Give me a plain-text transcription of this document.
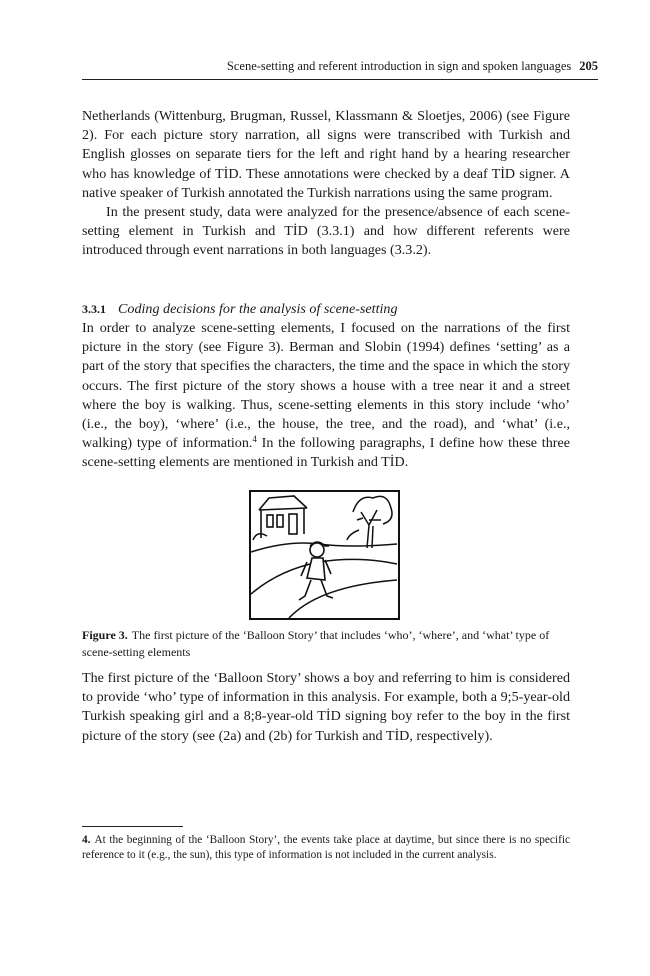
Scene-setting and referent introduction in sign and spoken languages 205

Netherlands (Wittenburg, Brugman, Russel, Klassmann & Sloetjes, 2006) (see Figure 2). For each picture story narration, all signs were transcribed with Turkish and English glosses on separate tiers for the left and right hand by a hearing researcher who has knowledge of TİD. These annotations were checked by a deaf TİD signer. A native speaker of Turkish annotated the Turkish narrations using the same program.

In the present study, data were analyzed for the presence/absence of each scene-setting element in Turkish and TİD (3.3.1) and how different referents were introduced through event narrations in both languages (3.3.2).

3.3.1 Coding decisions for the analysis of scene-setting

In order to analyze scene-setting elements, I focused on the narrations of the first picture in the story (see Figure 3). Berman and Slobin (1994) defines ‘setting’ as a part of the story that specifies the characters, the time and the space in which the story occurs. The first picture of the story shows a house with a tree near it and a street where the boy is walking. Thus, scene-setting elements in this story include ‘who’ (i.e., the boy), ‘where’ (i.e., the house, the tree, and the road), and ‘what’ (i.e., walking) type of information.$^4$ In the following paragraphs, I define how these three scene-setting elements are mentioned in Turkish and TİD.

Figure 3. The first picture of the ‘Balloon Story’ that includes ‘who’, ‘where’, and ‘what’ type of scene-setting elements

The first picture of the ‘Balloon Story’ shows a boy and referring to him is considered to provide ‘who’ type of information in this analysis. For example, both a 9;5-year-old Turkish speaking girl and a 8;8-year-old TİD signing boy refer to the boy in the first picture of the story (see (2a) and (2b) for Turkish and TİD, respectively).

4. At the beginning of the ‘Balloon Story’, the events take place at daytime, but since there is no specific reference to it (e.g., the sun), this type of information is not included in the current analysis.
